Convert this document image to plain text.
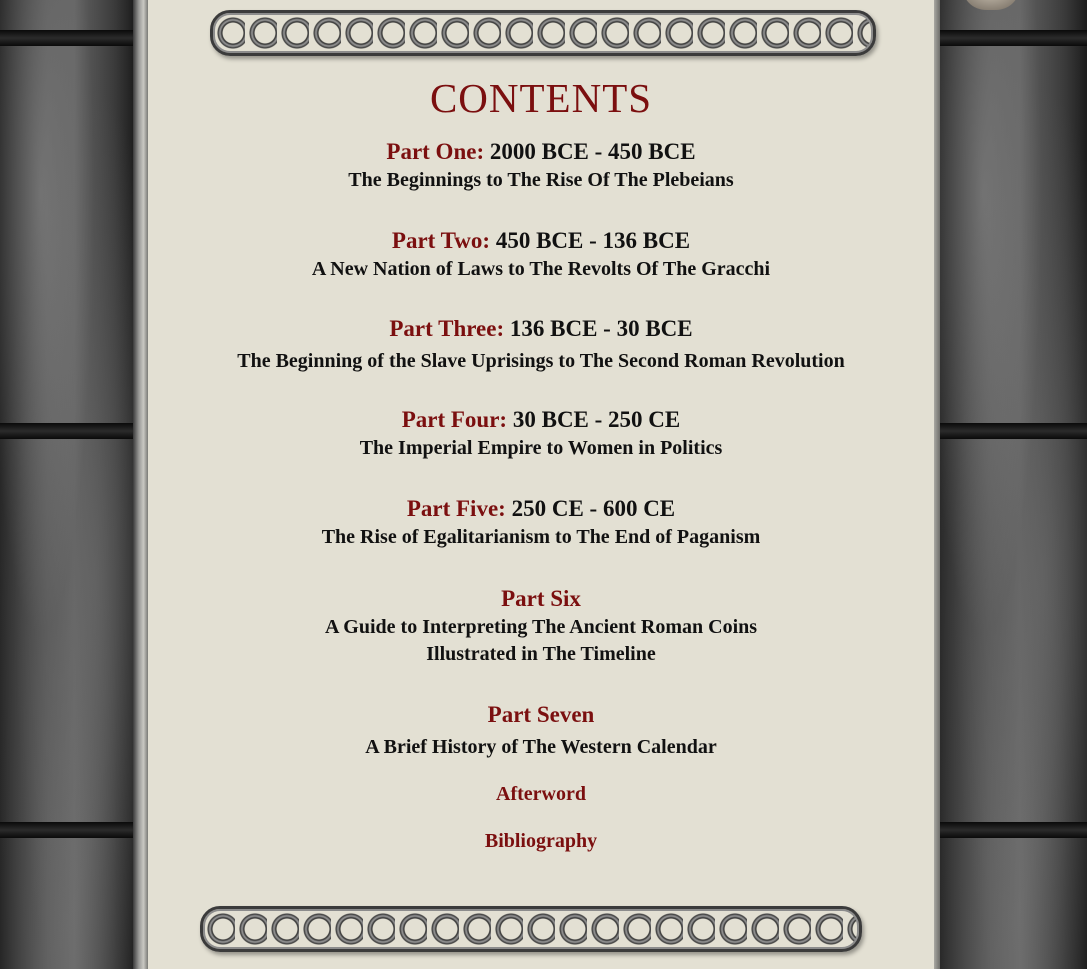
CONTENTS
Part One: 2000 BCE - 450 BCE
The Beginnings to The Rise Of The Plebeians
Part Two: 450 BCE - 136 BCE
A New Nation of Laws to The Revolts Of The Gracchi
Part Three: 136 BCE - 30 BCE
The Beginning of the Slave Uprisings to The Second Roman Revolution
Part Four: 30 BCE - 250 CE
The Imperial Empire to Women in Politics
Part Five: 250 CE - 600 CE
The Rise of Egalitarianism to The End of Paganism
Part Six
A Guide to Interpreting The Ancient Roman Coins
Illustrated in The Timeline
Part Seven
A Brief History of The Western Calendar
Afterword
Bibliography
